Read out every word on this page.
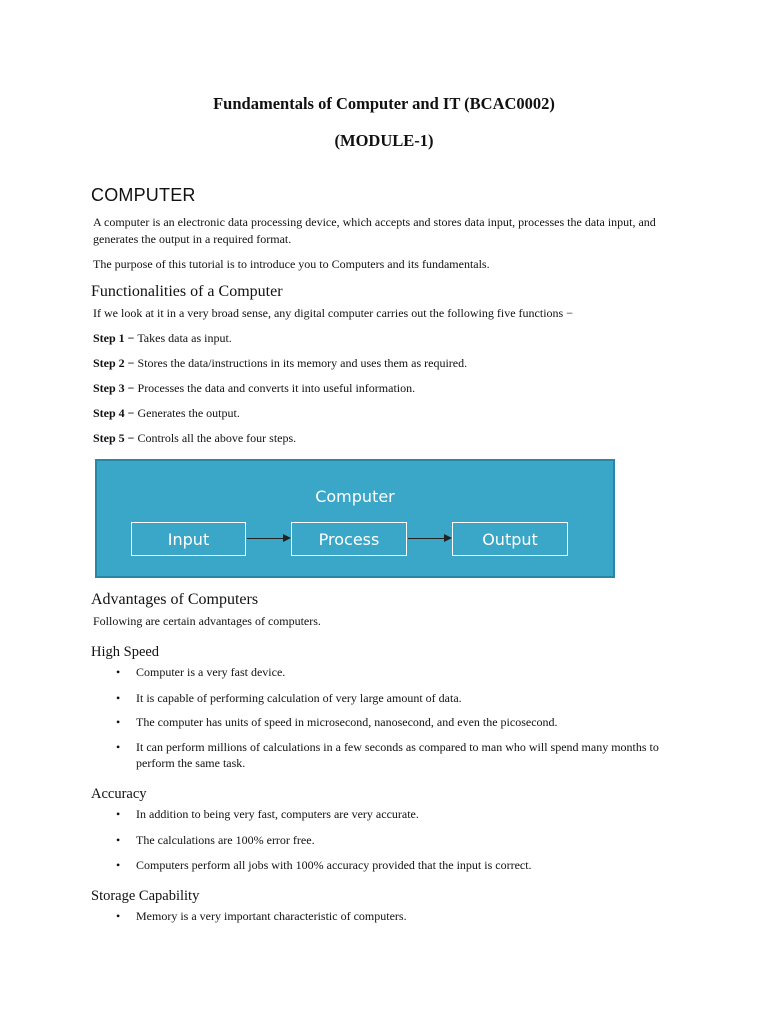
Fundamentals of Computer and IT (BCAC0002)
(MODULE-1)
COMPUTER
A computer is an electronic data processing device, which accepts and stores data input, processes the data input, and generates the output in a required format.
The purpose of this tutorial is to introduce you to Computers and its fundamentals.
Functionalities of a Computer
If we look at it in a very broad sense, any digital computer carries out the following five functions −
Step 1 − Takes data as input.
Step 2 − Stores the data/instructions in its memory and uses them as required.
Step 3 − Processes the data and converts it into useful information.
Step 4 − Generates the output.
Step 5 − Controls all the above four steps.
Computer
Input	Process	Output
Advantages of Computers
Following are certain advantages of computers.
High Speed
•	Computer is a very fast device.
•	It is capable of performing calculation of very large amount of data.
•	The computer has units of speed in microsecond, nanosecond, and even the picosecond.
•	It can perform millions of calculations in a few seconds as compared to man who will spend many months to perform the same task.
Accuracy
•	In addition to being very fast, computers are very accurate.
•	The calculations are 100% error free.
•	Computers perform all jobs with 100% accuracy provided that the input is correct.
Storage Capability
•	Memory is a very important characteristic of computers.
